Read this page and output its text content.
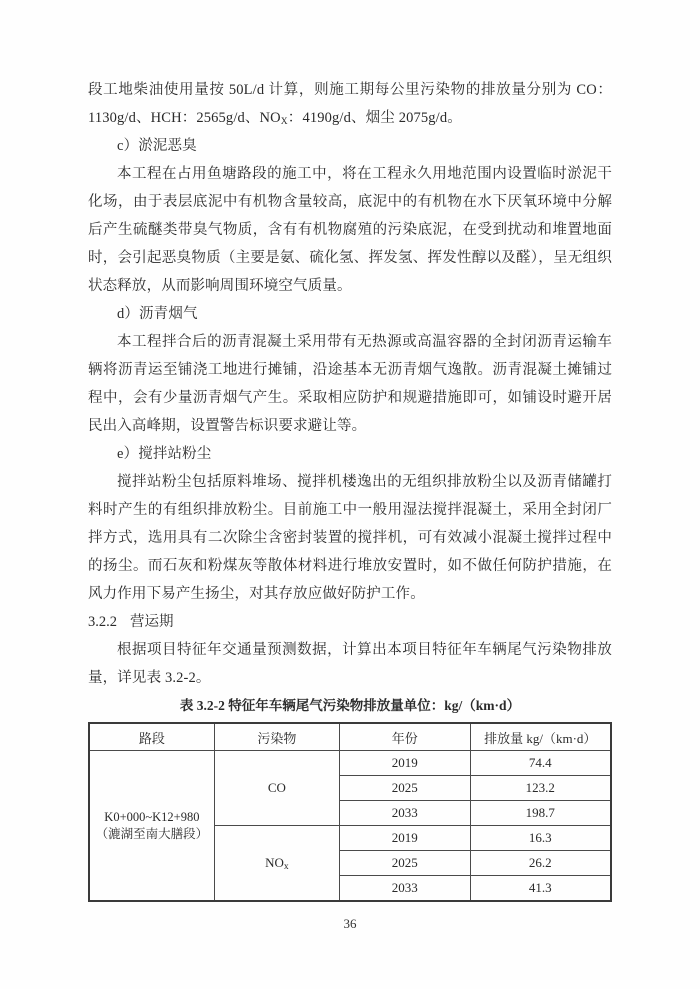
段工地柴油使用量按 50L/d 计算，则施工期每公里污染物的排放量分别为 CO：1130g/d、HCH：2565g/d、$NO_X$：4190g/d、烟尘 2075g/d。

c）淤泥恶臭

本工程在占用鱼塘路段的施工中，将在工程永久用地范围内设置临时淤泥干化场，由于表层底泥中有机物含量较高，底泥中的有机物在水下厌氧环境中分解后产生硫醚类带臭气物质，含有有机物腐殖的污染底泥，在受到扰动和堆置地面时，会引起恶臭物质（主要是氨、硫化氢、挥发氢、挥发性醇以及醛），呈无组织状态释放，从而影响周围环境空气质量。

d）沥青烟气

本工程拌合后的沥青混凝土采用带有无热源或高温容器的全封闭沥青运输车辆将沥青运至铺浇工地进行摊铺，沿途基本无沥青烟气逸散。沥青混凝土摊铺过程中，会有少量沥青烟气产生。采取相应防护和规避措施即可，如铺设时避开居民出入高峰期，设置警告标识要求避让等。

e）搅拌站粉尘

搅拌站粉尘包括原料堆场、搅拌机楼逸出的无组织排放粉尘以及沥青储罐打料时产生的有组织排放粉尘。目前施工中一般用湿法搅拌混凝土，采用全封闭厂拌方式，选用具有二次除尘含密封装置的搅拌机，可有效减小混凝土搅拌过程中的扬尘。而石灰和粉煤灰等散体材料进行堆放安置时，如不做任何防护措施，在风力作用下易产生扬尘，对其存放应做好防护工作。

3.2.2 营运期

根据项目特征年交通量预测数据，计算出本项目特征年车辆尾气污染物排放量，详见表 3.2-2。

表 3.2-2 特征年车辆尾气污染物排放量单位：kg/（km·d）

路段	污染物	年份	排放量 kg/（km·d）
K0+000~K12+980（漉湖至南大膳段）	CO	2019	74.4
		2025	123.2
		2033	198.7
	$NO_x$	2019	16.3
		2025	26.2
		2033	41.3
36
